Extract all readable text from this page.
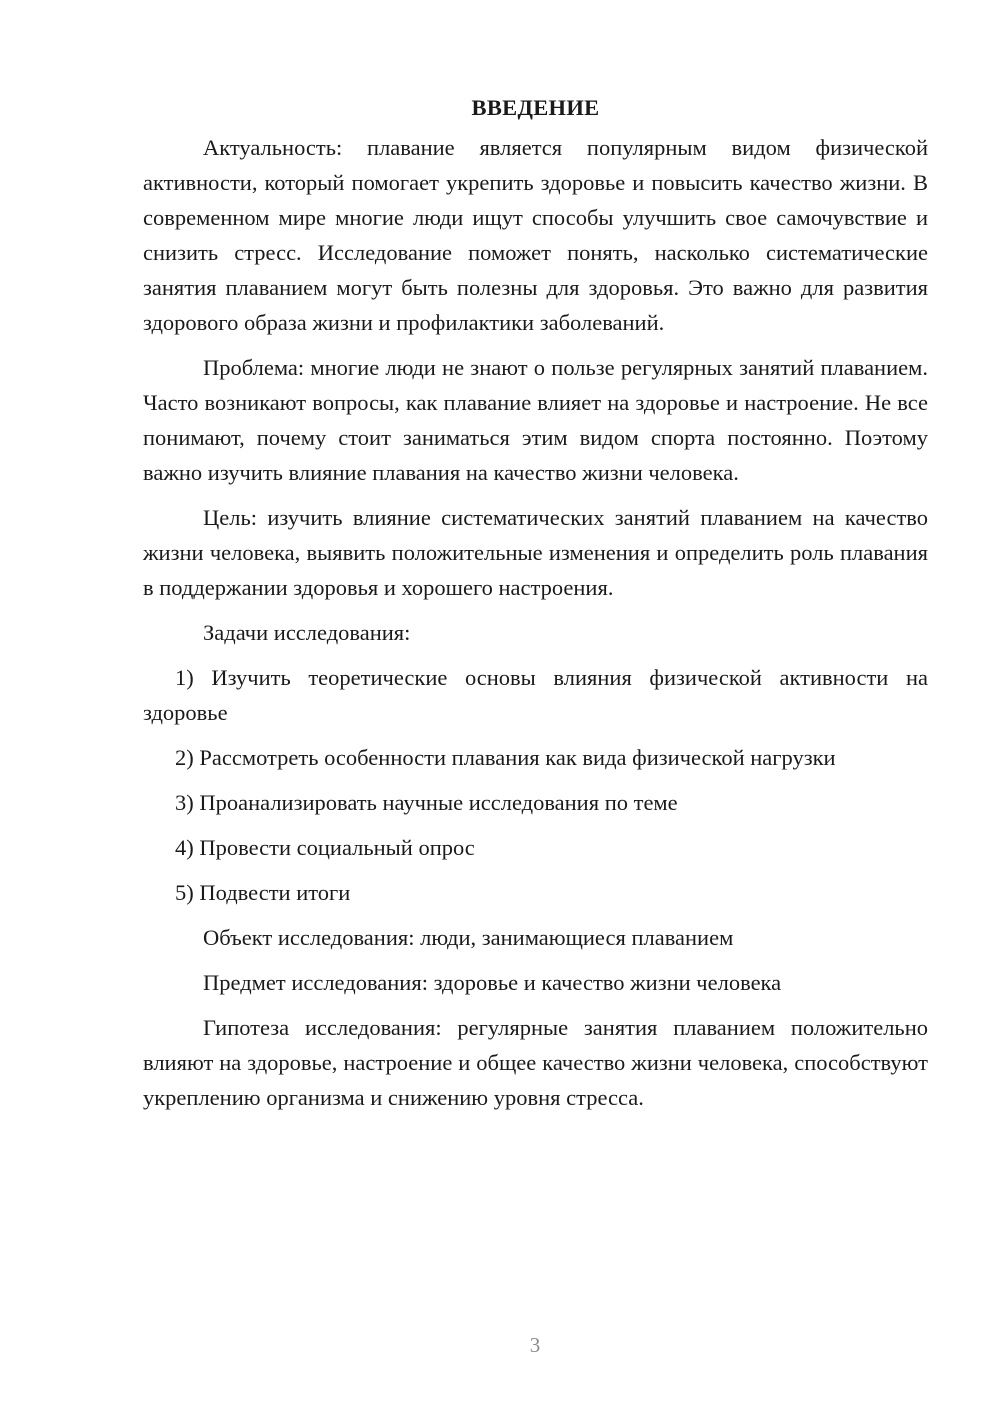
ВВЕДЕНИЕ

Актуальность: плавание является популярным видом физической активности, который помогает укрепить здоровье и повысить качество жизни. В современном мире многие люди ищут способы улучшить свое самочувствие и снизить стресс. Исследование поможет понять, насколько систематические занятия плаванием могут быть полезны для здоровья. Это важно для развития здорового образа жизни и профилактики заболеваний.

Проблема: многие люди не знают о пользе регулярных занятий плаванием. Часто возникают вопросы, как плавание влияет на здоровье и настроение. Не все понимают, почему стоит заниматься этим видом спорта постоянно. Поэтому важно изучить влияние плавания на качество жизни человека.

Цель: изучить влияние систематических занятий плаванием на качество жизни человека, выявить положительные изменения и определить роль плавания в поддержании здоровья и хорошего настроения.

Задачи исследования:
1) Изучить теоретические основы влияния физической активности на здоровье
2) Рассмотреть особенности плавания как вида физической нагрузки
3) Проанализировать научные исследования по теме
4) Провести социальный опрос
5) Подвести итоги
Объект исследования: люди, занимающиеся плаванием
Предмет исследования: здоровье и качество жизни человека

Гипотеза исследования: регулярные занятия плаванием положительно влияют на здоровье, настроение и общее качество жизни человека, способствуют укреплению организма и снижению уровня стресса.

3
